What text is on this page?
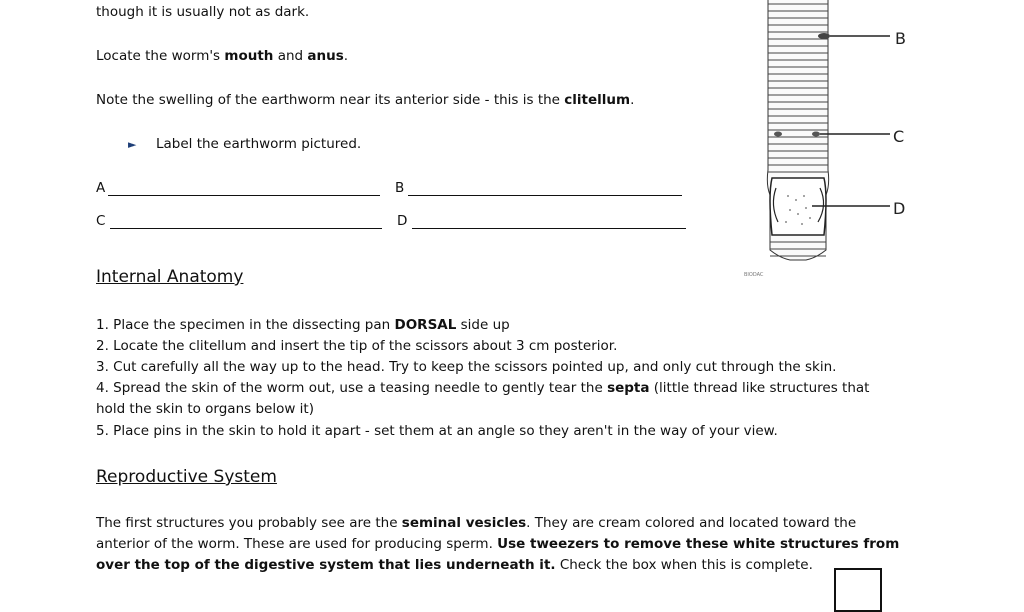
though it is usually not as dark.
Locate the worm's mouth and anus.
Note the swelling of the earthworm near its anterior side - this is the clitellum.
► Label the earthworm pictured.
A	B
C	D
B
C
D
BIODAC
Internal Anatomy
1. Place the specimen in the dissecting pan DORSAL side up
2. Locate the clitellum and insert the tip of the scissors about 3 cm posterior.
3. Cut carefully all the way up to the head. Try to keep the scissors pointed up, and only cut through the skin.
4. Spread the skin of the worm out, use a teasing needle to gently tear the septa (little thread like structures that
hold the skin to organs below it)
5. Place pins in the skin to hold it apart - set them at an angle so they aren't in the way of your view.
Reproductive System
The first structures you probably see are the seminal vesicles. They are cream colored and located toward the
anterior of the worm. These are used for producing sperm. Use tweezers to remove these white structures from
over the top of the digestive system that lies underneath it. Check the box when this is complete.
